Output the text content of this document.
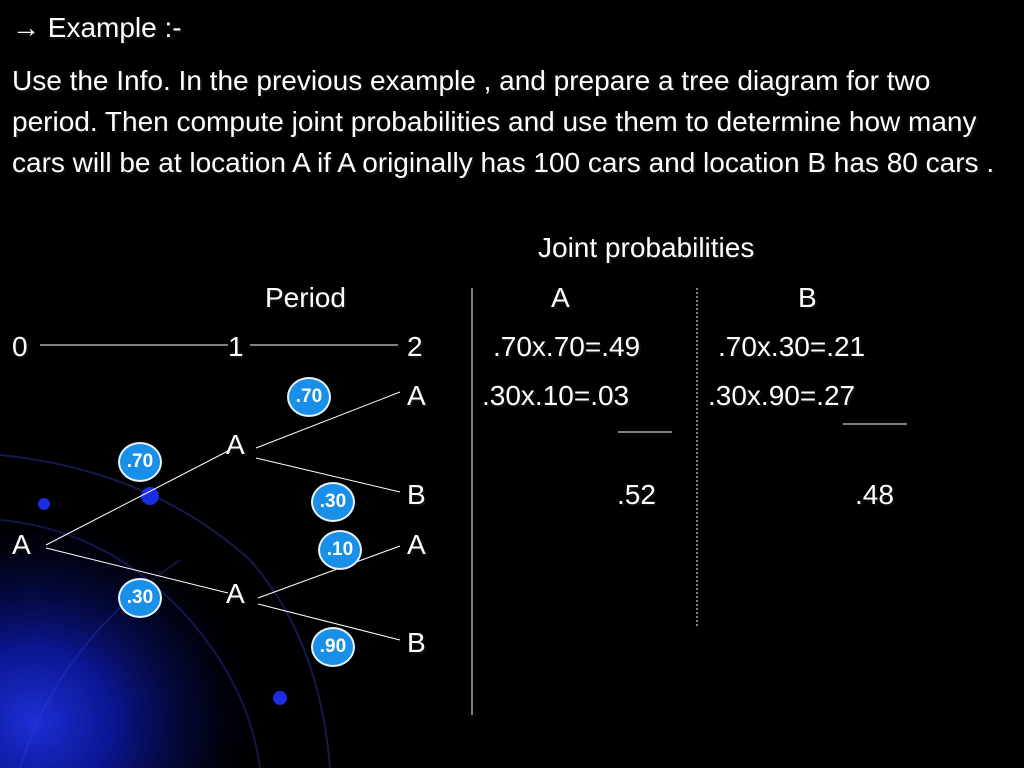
→ Example :-
Use the Info. In the previous example , and prepare a tree diagram for two period. Then compute joint probabilities and use them to determine how many cars will be at location A if A originally has 100 cars and location B has 80 cars .
Joint probabilities
Period	A	B
0	1	2	.70x.70=.49	.70x.30=.21
.30x.10=.03	.30x.90=.27
.52	.48
A
A
A
A
B
A
B
.70
.70
.30
.10
.30
.90
